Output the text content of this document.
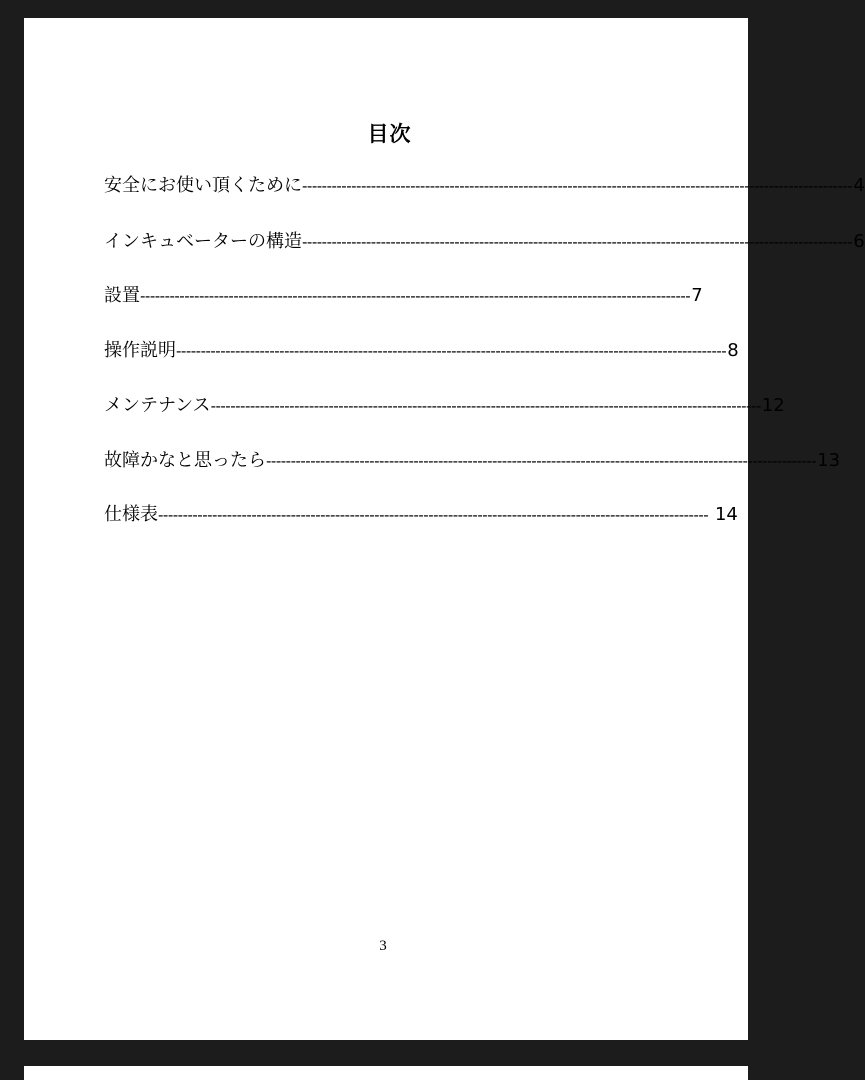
目次
安全にお使い頂くために ---------------------------------------------------------------------------------------------------------------- 4
インキュベーターの構造 ---------------------------------------------------------------------------------------------------------------- 6
設置 ---------------------------------------------------------------------------------------------------------------- 7
操作説明 ---------------------------------------------------------------------------------------------------------------- 8
メンテナンス ---------------------------------------------------------------------------------------------------------------- 12
故障かなと思ったら ---------------------------------------------------------------------------------------------------------------- 13
仕様表 ---------------------------------------------------------------------------------------------------------------- 14
3
